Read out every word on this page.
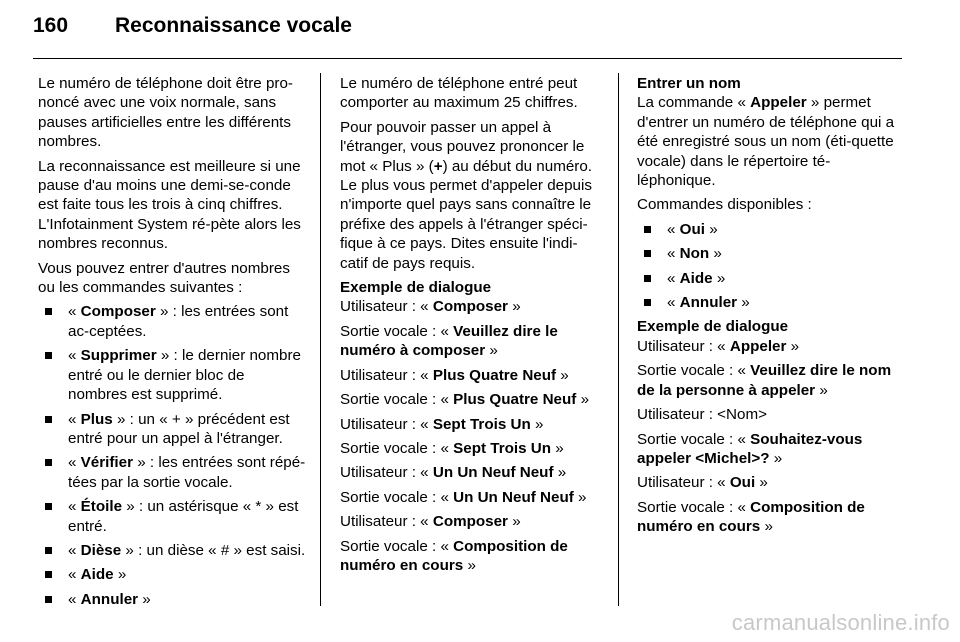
160	Reconnaissance vocale

Le numéro de téléphone doit être pro-noncé avec une voix normale, sans pauses artificielles entre les différents nombres.

La reconnaissance est meilleure si une pause d'au moins une demi-se-conde est faite tous les trois à cinq chiffres. L'Infotainment System ré-pète alors les nombres reconnus.

Vous pouvez entrer d'autres nombres ou les commandes suivantes :

« Composer » : les entrées sont ac-ceptées.
« Supprimer » : le dernier nombre entré ou le dernier bloc de nombres est supprimé.
« Plus » : un « + » précédent est entré pour un appel à l'étranger.
« Vérifier » : les entrées sont répé-tées par la sortie vocale.
« Étoile » : un astérisque « * » est entré.
« Dièse » : un dièse « # » est saisi.
« Aide »
« Annuler »

Le numéro de téléphone entré peut comporter au maximum 25 chiffres.

Pour pouvoir passer un appel à l'étranger, vous pouvez prononcer le mot « Plus » (+) au début du numéro. Le plus vous permet d'appeler depuis n'importe quel pays sans connaître le préfixe des appels à l'étranger spéci-fique à ce pays. Dites ensuite l'indi-catif de pays requis.

Exemple de dialogue

Utilisateur : « Composer »

Sortie vocale : « Veuillez dire le numéro à composer »

Utilisateur : « Plus Quatre Neuf »

Sortie vocale : « Plus Quatre Neuf »

Utilisateur : « Sept Trois Un »

Sortie vocale : « Sept Trois Un »

Utilisateur : « Un Un Neuf Neuf »

Sortie vocale : « Un Un Neuf Neuf »

Utilisateur : « Composer »

Sortie vocale : « Composition de numéro en cours »

Entrer un nom

La commande « Appeler » permet d'entrer un numéro de téléphone qui a été enregistré sous un nom (éti-quette vocale) dans le répertoire té-léphonique.

Commandes disponibles :

« Oui »
« Non »
« Aide »
« Annuler »
Exemple de dialogue

Utilisateur : « Appeler »

Sortie vocale : « Veuillez dire le nom de la personne à appeler »

Utilisateur : <Nom>

Sortie vocale : « Souhaitez-vous appeler <Michel>? »

Utilisateur : « Oui »

Sortie vocale : « Composition de numéro en cours »

carmanualsonline.info
